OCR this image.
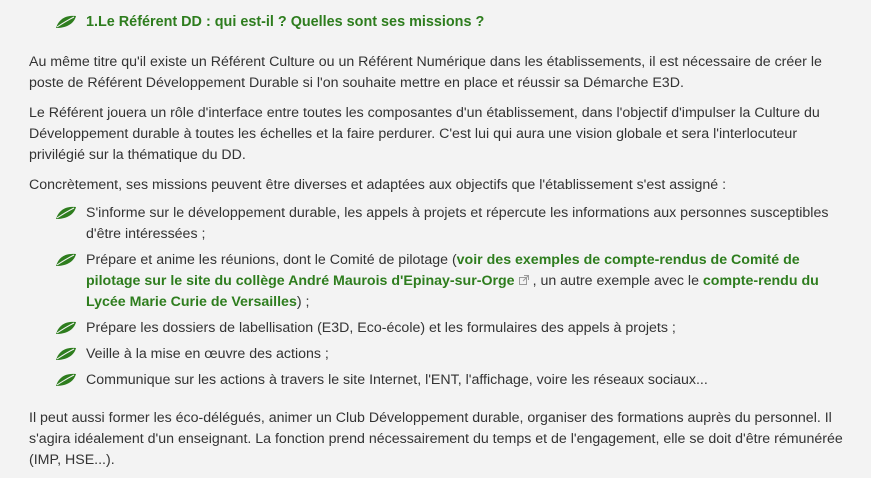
1.Le Référent DD : qui est-il ? Quelles sont ses missions ?

Au même titre qu'il existe un Référent Culture ou un Référent Numérique dans les établissements, il est nécessaire de créer le poste de Référent Développement Durable si l'on souhaite mettre en place et réussir sa Démarche E3D.

Le Référent jouera un rôle d'interface entre toutes les composantes d'un établissement, dans l'objectif d'impulser la Culture du Développement durable à toutes les échelles et la faire perdurer. C'est lui qui aura une vision globale et sera l'interlocuteur privilégié sur la thématique du DD.

Concrètement, ses missions peuvent être diverses et adaptées aux objectifs que l'établissement s'est assigné :

S'informe sur le développement durable, les appels à projets et répercute les informations aux personnes susceptibles d'être intéressées ;
Prépare et anime les réunions, dont le Comité de pilotage (voir des exemples de compte-rendus de Comité de pilotage sur le site du collège André Maurois d'Epinay-sur-Orge , un autre exemple avec le compte-rendu du Lycée Marie Curie de Versailles) ;
Prépare les dossiers de labellisation (E3D, Eco-école) et les formulaires des appels à projets ;
Veille à la mise en œuvre des actions ;
Communique sur les actions à travers le site Internet, l'ENT, l'affichage, voire les réseaux sociaux...

Il peut aussi former les éco-délégués, animer un Club Développement durable, organiser des formations auprès du personnel. Il s'agira idéalement d'un enseignant. La fonction prend nécessairement du temps et de l'engagement, elle se doit d'être rémunérée (IMP, HSE...).
